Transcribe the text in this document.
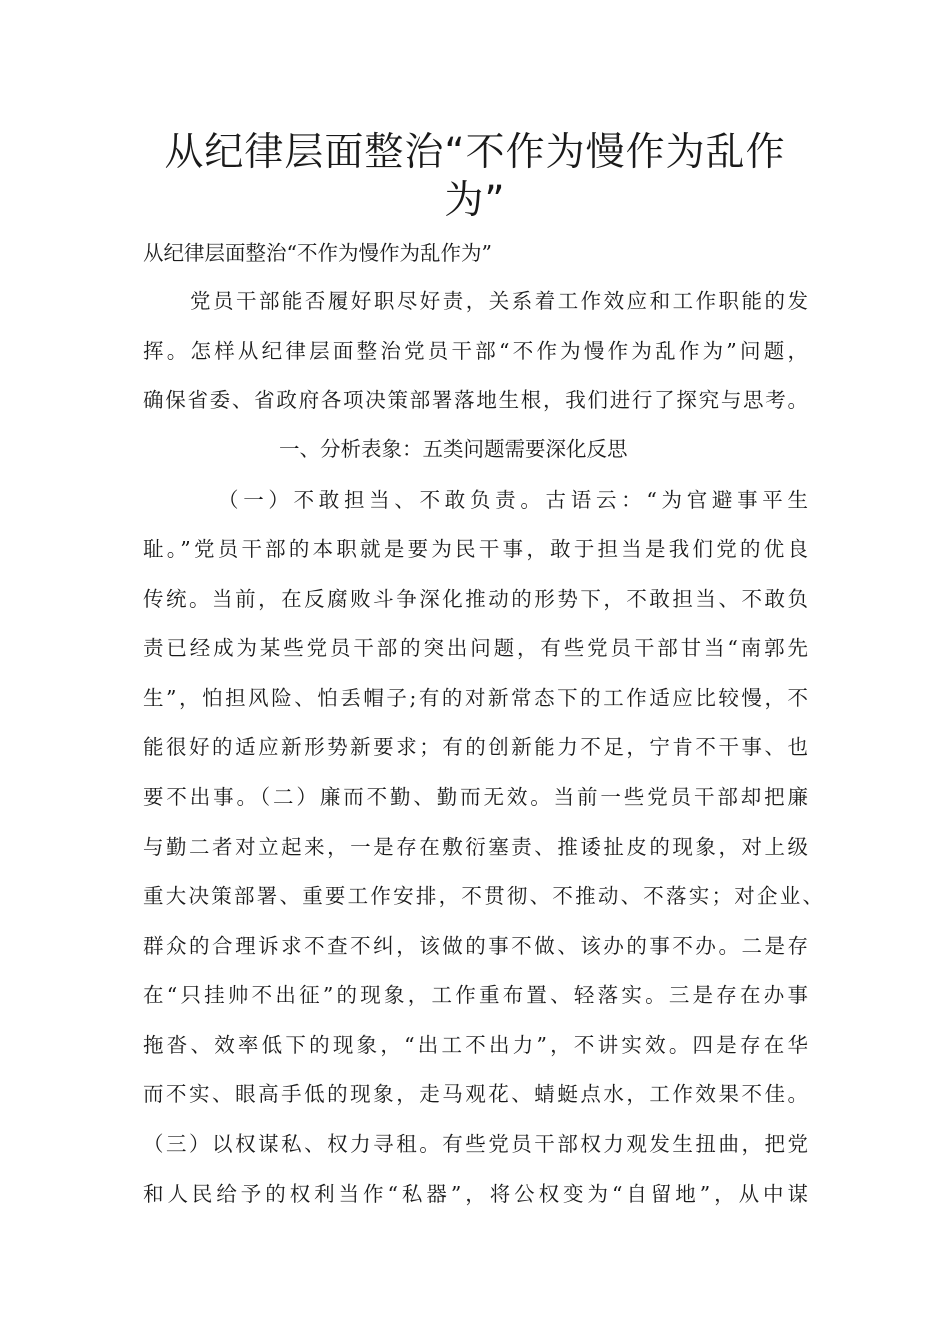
从纪律层面整治“不作为慢作为乱作
为”
从纪律层面整治“不作为慢作为乱作为”
党员干部能否履好职尽好责，关系着工作效应和工作职能的发
挥。怎样从纪律层面整治党员干部“不作为慢作为乱作为”问题，
确保省委、省政府各项决策部署落地生根，我们进行了探究与思考。
一、分析表象：五类问题需要深化反思
（一）不敢担当、不敢负责。古语云：“为官避事平生
耻。”党员干部的本职就是要为民干事，敢于担当是我们党的优良
传统。当前，在反腐败斗争深化推动的形势下，不敢担当、不敢负
责已经成为某些党员干部的突出问题，有些党员干部甘当“南郭先
生”，怕担风险、怕丢帽子;有的对新常态下的工作适应比较慢，不
能很好的适应新形势新要求；有的创新能力不足，宁肯不干事、也
要不出事。（二）廉而不勤、勤而无效。当前一些党员干部却把廉
与勤二者对立起来，一是存在敷衍塞责、推诿扯皮的现象，对上级
重大决策部署、重要工作安排，不贯彻、不推动、不落实；对企业、
群众的合理诉求不查不纠，该做的事不做、该办的事不办。二是存
在“只挂帅不出征”的现象，工作重布置、轻落实。三是存在办事
拖沓、效率低下的现象，“出工不出力”，不讲实效。四是存在华
而不实、眼高手低的现象，走马观花、蜻蜓点水，工作效果不佳。
（三）以权谋私、权力寻租。有些党员干部权力观发生扭曲，把党
和人民给予的权利当作“私器”，将公权变为“自留地”，从中谋
